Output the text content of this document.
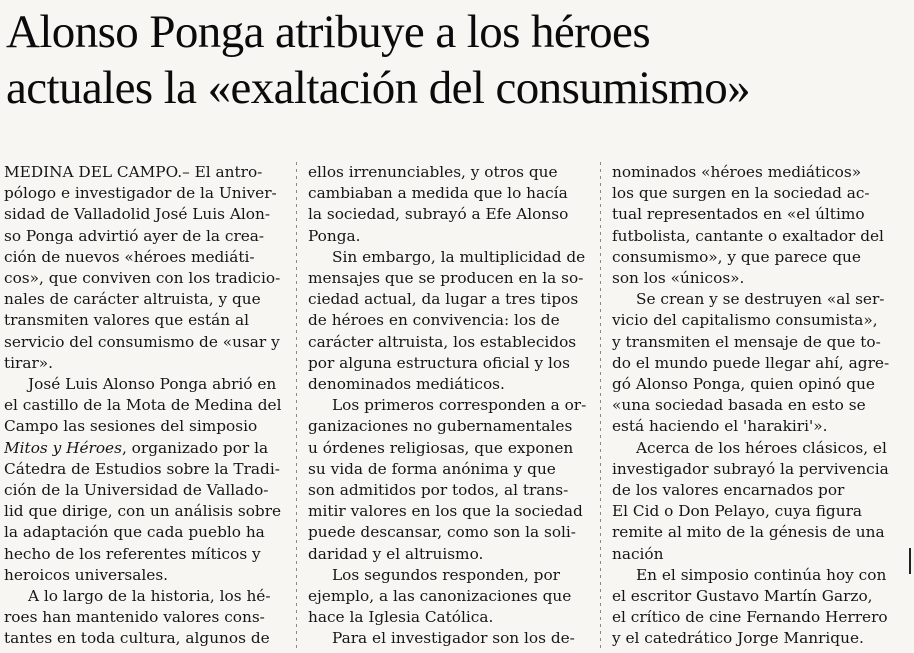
Alonso Ponga atribuye a los héroes
actuales la «exaltación del consumismo»
MEDINA DEL CAMPO.– El antro-
pólogo e investigador de la Univer-
sidad de Valladolid José Luis Alon-
so Ponga advirtió ayer de la crea-
ción de nuevos «héroes mediáti-
cos», que conviven con los tradicio-
nales de carácter altruista, y que
transmiten valores que están al
servicio del consumismo de «usar y
tirar».
José Luis Alonso Ponga abrió en
el castillo de la Mota de Medina del
Campo las sesiones del simposio
Mitos y Héroes, organizado por la
Cátedra de Estudios sobre la Tradi-
ción de la Universidad de Vallado-
lid que dirige, con un análisis sobre
la adaptación que cada pueblo ha
hecho de los referentes míticos y
heroicos universales.
A lo largo de la historia, los hé-
roes han mantenido valores cons-
tantes en toda cultura, algunos de
ellos irrenunciables, y otros que
cambiaban a medida que lo hacía
la sociedad, subrayó a Efe Alonso
Ponga.
Sin embargo, la multiplicidad de
mensajes que se producen en la so-
ciedad actual, da lugar a tres tipos
de héroes en convivencia: los de
carácter altruista, los establecidos
por alguna estructura oficial y los
denominados mediáticos.
Los primeros corresponden a or-
ganizaciones no gubernamentales
u órdenes religiosas, que exponen
su vida de forma anónima y que
son admitidos por todos, al trans-
mitir valores en los que la sociedad
puede descansar, como son la soli-
daridad y el altruismo.
Los segundos responden, por
ejemplo, a las canonizaciones que
hace la Iglesia Católica.
Para el investigador son los de-
nominados «héroes mediáticos»
los que surgen en la sociedad ac-
tual representados en «el último
futbolista, cantante o exaltador del
consumismo», y que parece que
son los «únicos».
Se crean y se destruyen «al ser-
vicio del capitalismo consumista»,
y transmiten el mensaje de que to-
do el mundo puede llegar ahí, agre-
gó Alonso Ponga, quien opinó que
«una sociedad basada en esto se
está haciendo el 'harakiri'».
Acerca de los héroes clásicos, el
investigador subrayó la pervivencia
de los valores encarnados por
El Cid o Don Pelayo, cuya figura
remite al mito de la génesis de una
nación
En el simposio continúa hoy con
el escritor Gustavo Martín Garzo,
el crítico de cine Fernando Herrero
y el catedrático Jorge Manrique.
